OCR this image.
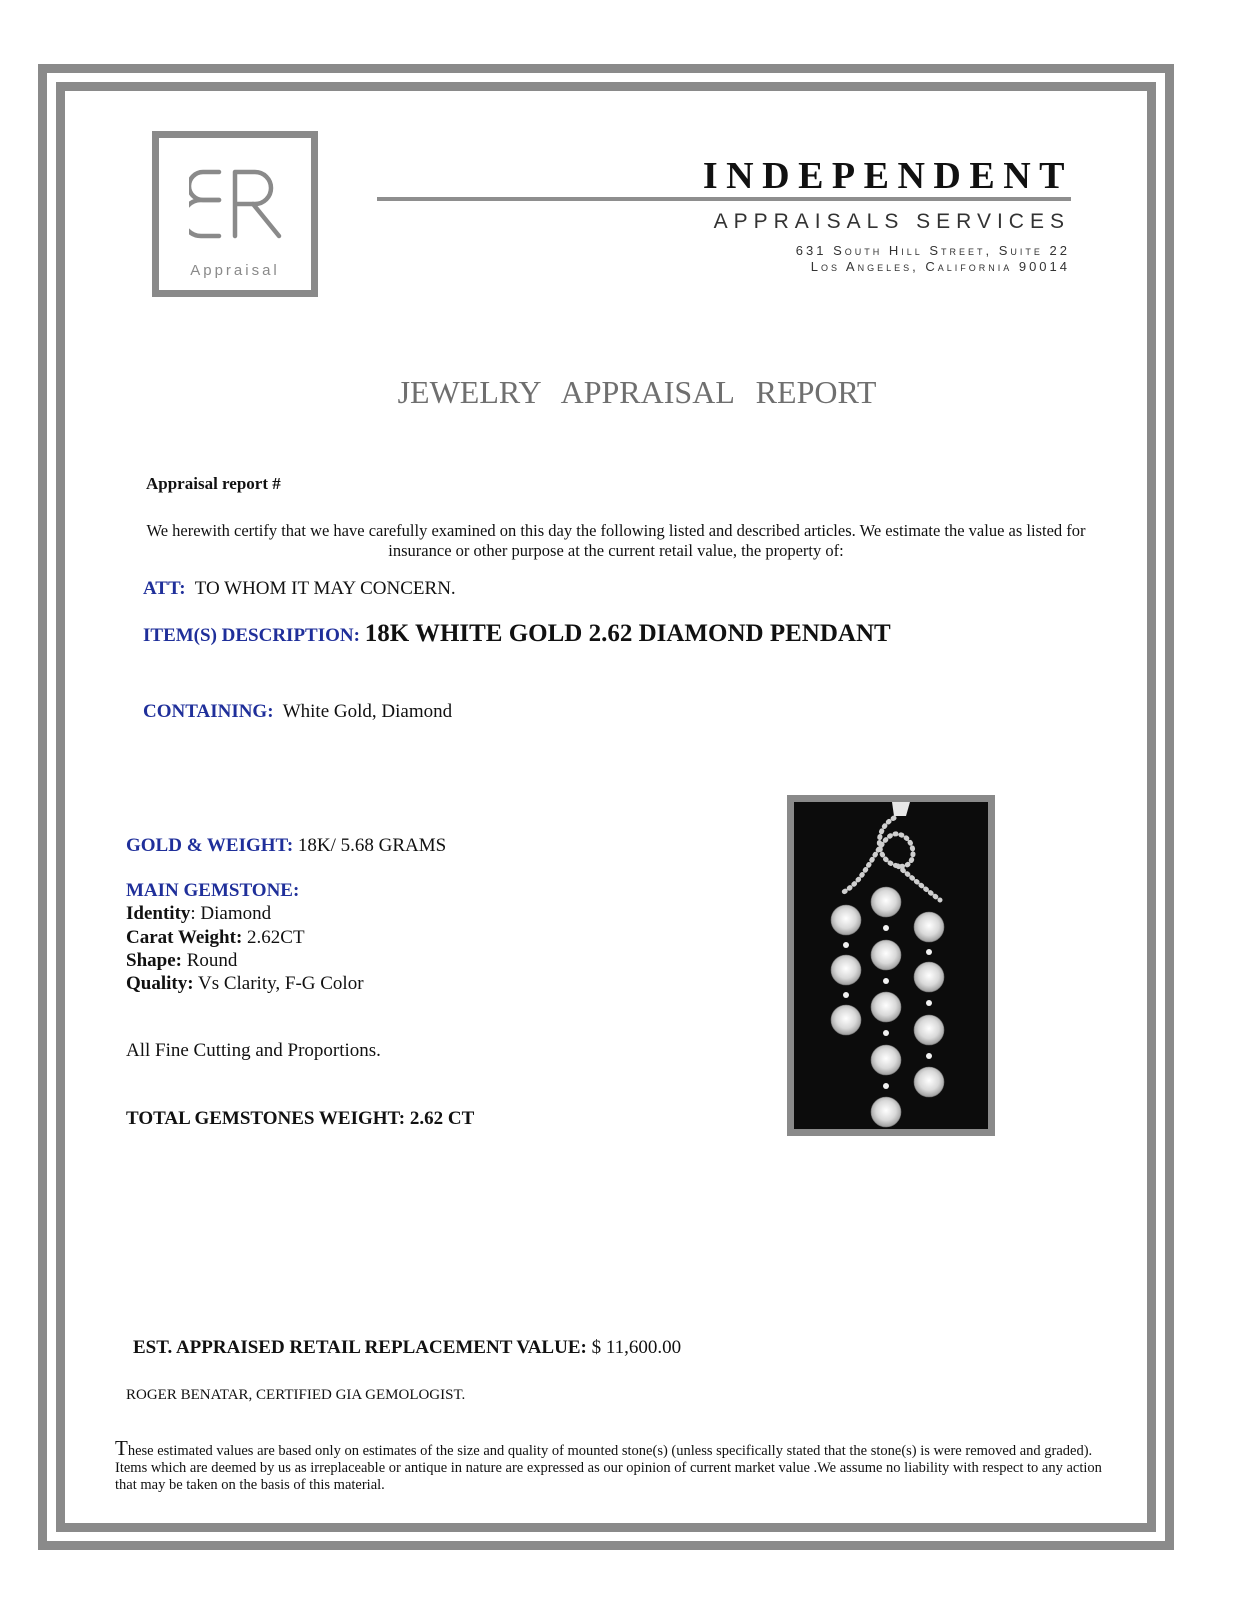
Appraisal
INDEPENDENT
APPRAISALS SERVICES
631 South Hill Street, Suite 22
Los Angeles, California 90014
JEWELRY APPRAISAL REPORT
Appraisal report #
We herewith certify that we have carefully examined on this day the following listed and described articles. We estimate the value as listed for insurance or other purpose at the current retail value, the property of:
ATT: TO WHOM IT MAY CONCERN.
ITEM(S) DESCRIPTION: 18K WHITE GOLD 2.62 DIAMOND PENDANT
CONTAINING: White Gold, Diamond
GOLD & WEIGHT: 18K/ 5.68 GRAMS
MAIN GEMSTONE:
Identity: Diamond
Carat Weight: 2.62CT
Shape: Round
Quality: Vs Clarity, F-G Color
All Fine Cutting and Proportions.
TOTAL GEMSTONES WEIGHT: 2.62 CT
EST. APPRAISED RETAIL REPLACEMENT VALUE: $ 11,600.00
ROGER BENATAR, CERTIFIED GIA GEMOLOGIST.
These estimated values are based only on estimates of the size and quality of mounted stone(s) (unless specifically stated that the stone(s) is were removed and graded). Items which are deemed by us as irreplaceable or antique in nature are expressed as our opinion of current market value .We assume no liability with respect to any action that may be taken on the basis of this material.
